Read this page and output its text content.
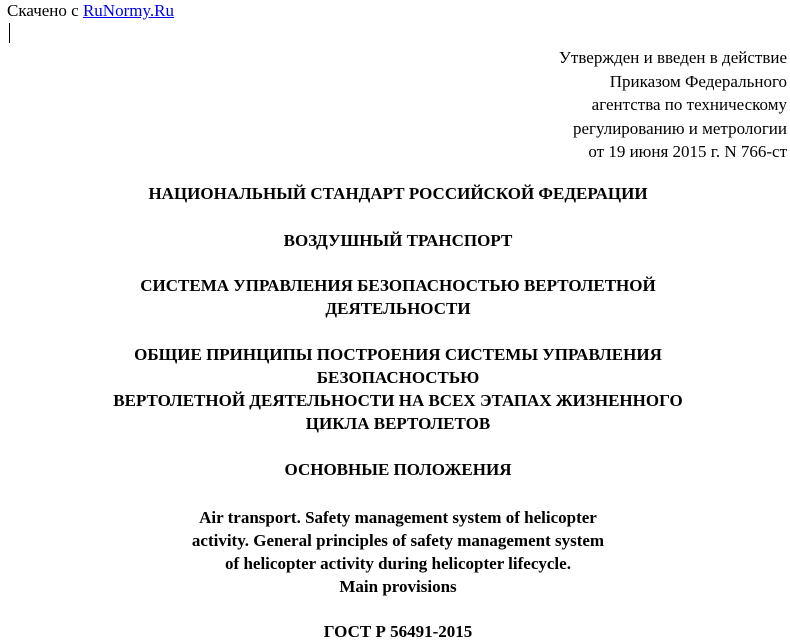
Скачено с RuNormy.Ru
Утвержден и введен в действие
Приказом Федерального
агентства по техническому
регулированию и метрологии
от 19 июня 2015 г. N 766-ст
НАЦИОНАЛЬНЫЙ СТАНДАРТ РОССИЙСКОЙ ФЕДЕРАЦИИ
ВОЗДУШНЫЙ ТРАНСПОРТ
СИСТЕМА УПРАВЛЕНИЯ БЕЗОПАСНОСТЬЮ ВЕРТОЛЕТНОЙ
ДЕЯТЕЛЬНОСТИ
ОБЩИЕ ПРИНЦИПЫ ПОСТРОЕНИЯ СИСТЕМЫ УПРАВЛЕНИЯ
БЕЗОПАСНОСТЬЮ
ВЕРТОЛЕТНОЙ ДЕЯТЕЛЬНОСТИ НА ВСЕХ ЭТАПАХ ЖИЗНЕННОГО
ЦИКЛА ВЕРТОЛЕТОВ
ОСНОВНЫЕ ПОЛОЖЕНИЯ
Air transport. Safety management system of helicopter
activity. General principles of safety management system
of helicopter activity during helicopter lifecycle.
Main provisions
ГОСТ Р 56491-2015
